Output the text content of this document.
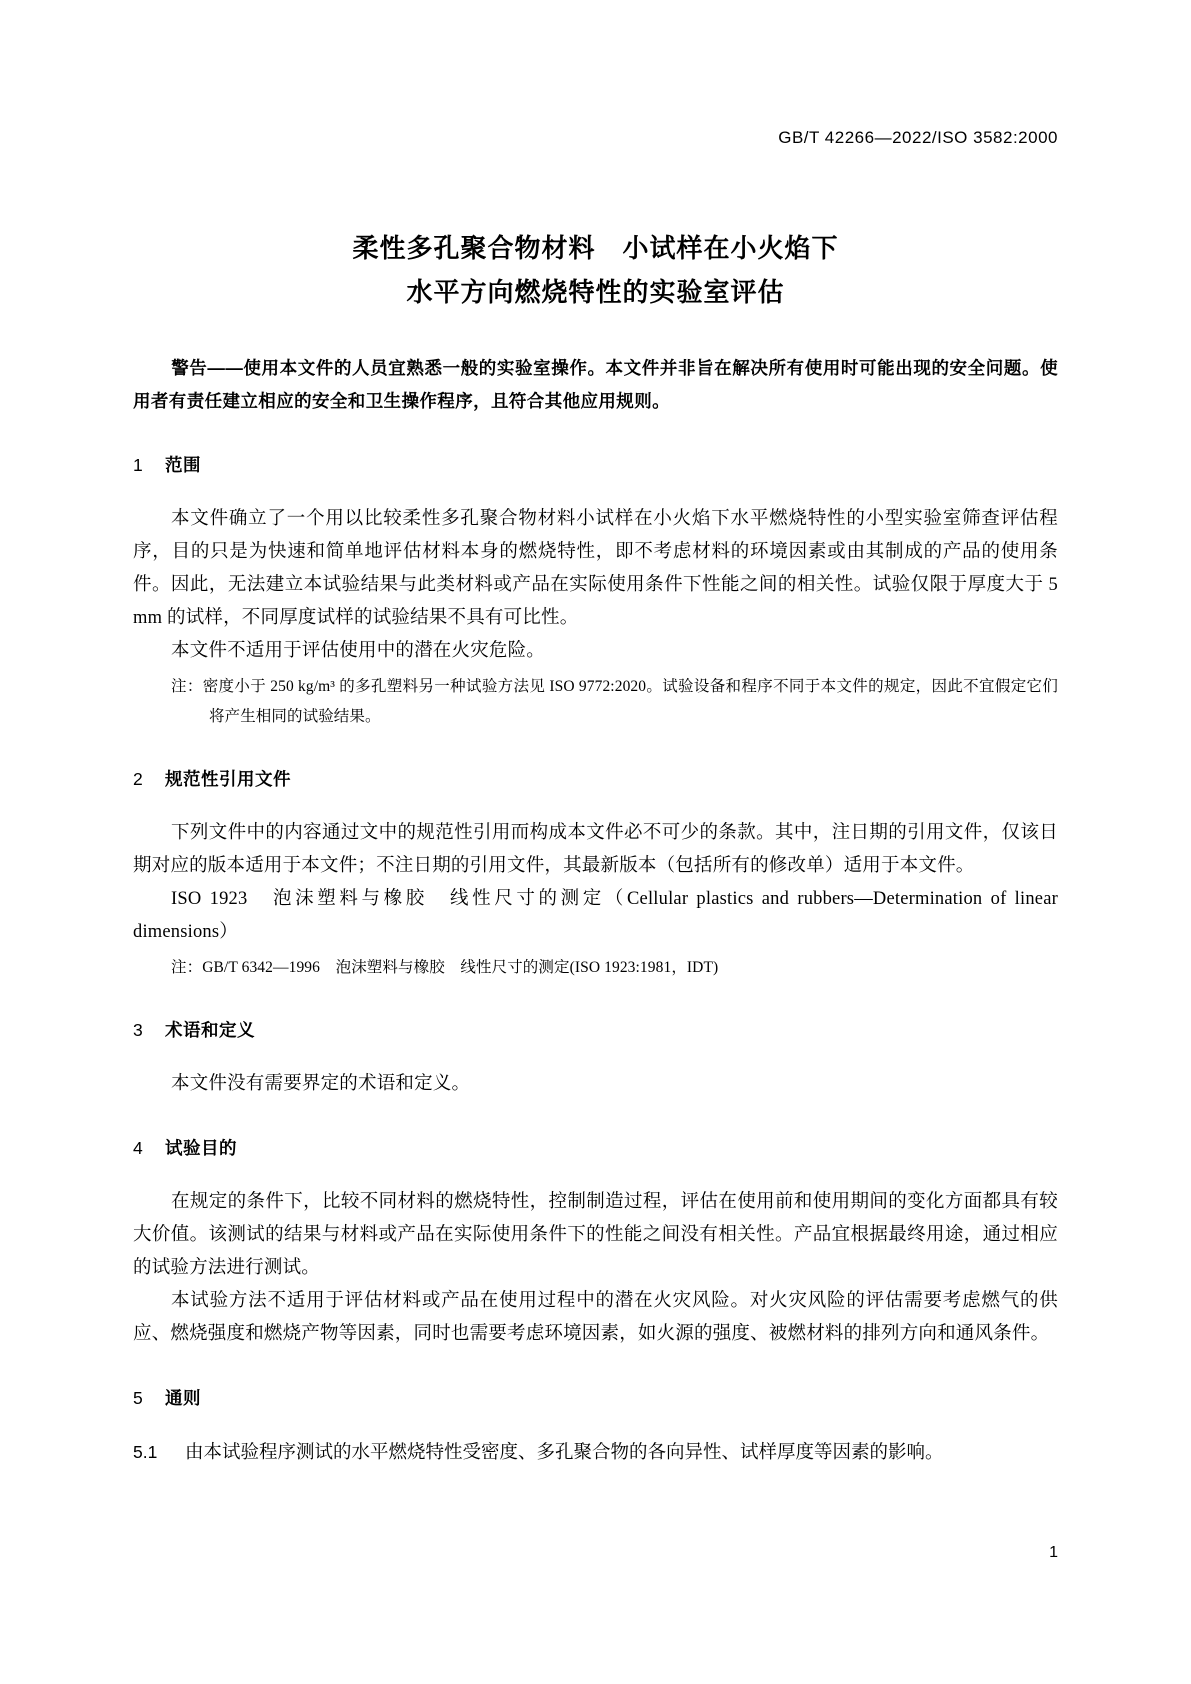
GB/T 42266—2022/ISO 3582:2000
柔性多孔聚合物材料　小试样在小火焰下
水平方向燃烧特性的实验室评估

警告——使用本文件的人员宜熟悉一般的实验室操作。本文件并非旨在解决所有使用时可能出现的安全问题。使用者有责任建立相应的安全和卫生操作程序，且符合其他应用规则。

1 范围

本文件确立了一个用以比较柔性多孔聚合物材料小试样在小火焰下水平燃烧特性的小型实验室筛查评估程序，目的只是为快速和简单地评估材料本身的燃烧特性，即不考虑材料的环境因素或由其制成的产品的使用条件。因此，无法建立本试验结果与此类材料或产品在实际使用条件下性能之间的相关性。试验仅限于厚度大于 5 mm 的试样，不同厚度试样的试验结果不具有可比性。

本文件不适用于评估使用中的潜在火灾危险。

注：密度小于 250 kg/m³ 的多孔塑料另一种试验方法见 ISO 9772:2020。试验设备和程序不同于本文件的规定，因此不宜假定它们将产生相同的试验结果。

2 规范性引用文件

下列文件中的内容通过文中的规范性引用而构成本文件必不可少的条款。其中，注日期的引用文件，仅该日期对应的版本适用于本文件；不注日期的引用文件，其最新版本（包括所有的修改单）适用于本文件。

ISO 1923　泡沫塑料与橡胶　线性尺寸的测定（Cellular plastics and rubbers—Determination of linear dimensions）

注：GB/T 6342—1996　泡沫塑料与橡胶　线性尺寸的测定(ISO 1923:1981，IDT)

3 术语和定义

本文件没有需要界定的术语和定义。

4 试验目的

在规定的条件下，比较不同材料的燃烧特性，控制制造过程，评估在使用前和使用期间的变化方面都具有较大价值。该测试的结果与材料或产品在实际使用条件下的性能之间没有相关性。产品宜根据最终用途，通过相应的试验方法进行测试。

本试验方法不适用于评估材料或产品在使用过程中的潜在火灾风险。对火灾风险的评估需要考虑燃气的供应、燃烧强度和燃烧产物等因素，同时也需要考虑环境因素，如火源的强度、被燃材料的排列方向和通风条件。

5 通则

5.1 由本试验程序测试的水平燃烧特性受密度、多孔聚合物的各向异性、试样厚度等因素的影响。

1
